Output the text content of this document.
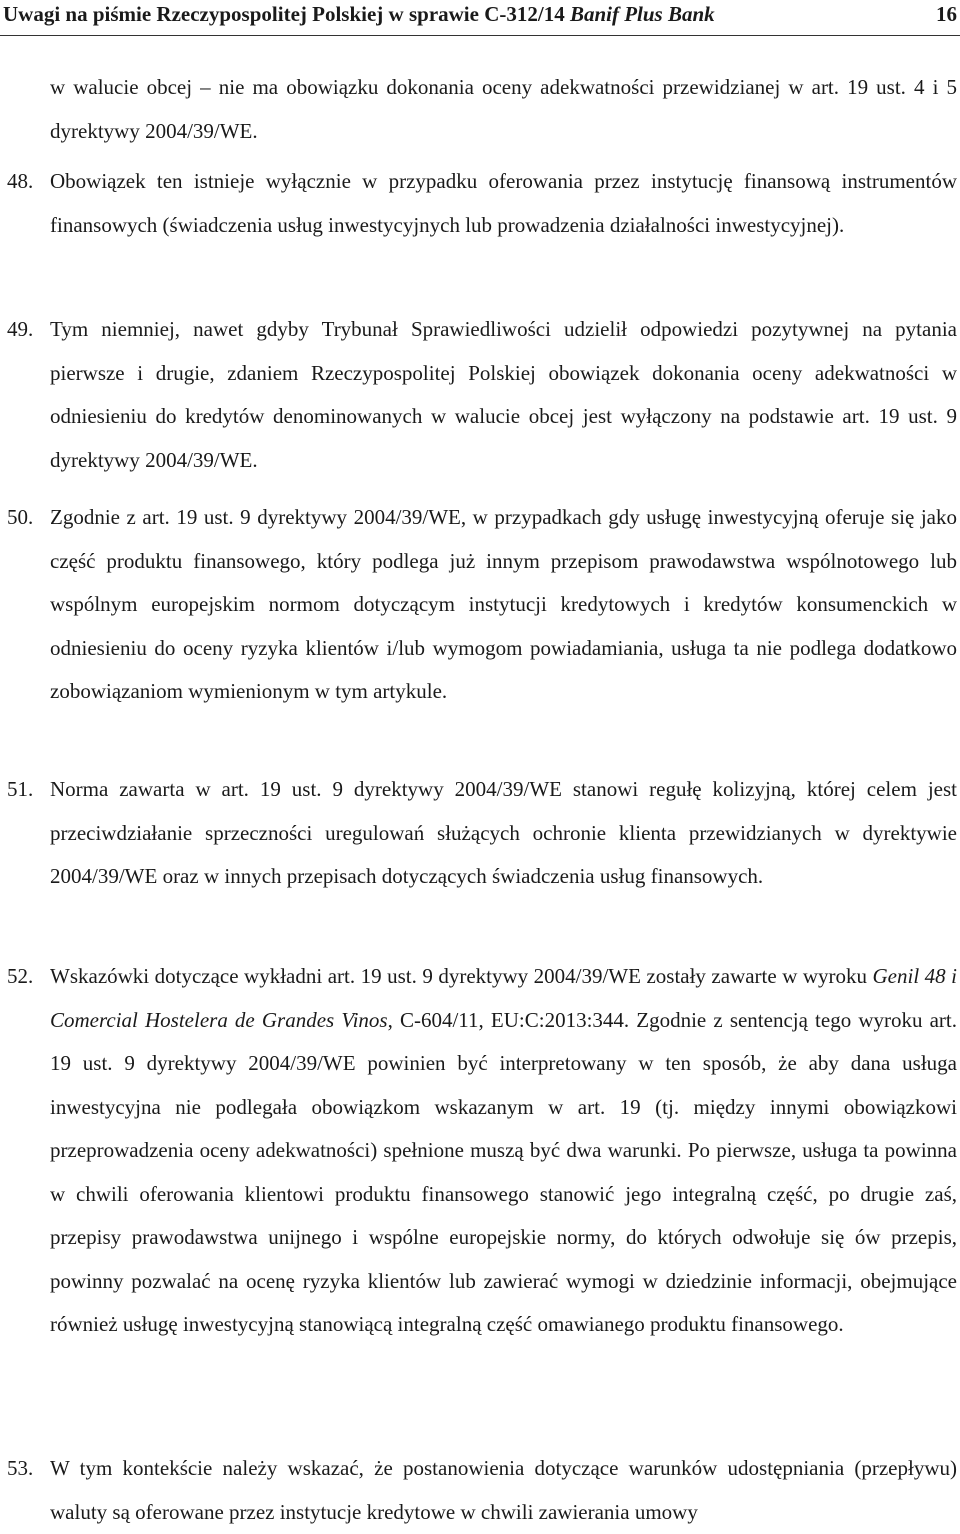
Uwagi na piśmie Rzeczypospolitej Polskiej w sprawie C-312/14 Banif Plus Bank	16

w walucie obcej – nie ma obowiązku dokonania oceny adekwatności przewidzianej w art. 19 ust. 4 i 5 dyrektywy 2004/39/WE.

48. Obowiązek ten istnieje wyłącznie w przypadku oferowania przez instytucję finansową instrumentów finansowych (świadczenia usług inwestycyjnych lub prowadzenia działalności inwestycyjnej).

49. Tym niemniej, nawet gdyby Trybunał Sprawiedliwości udzielił odpowiedzi pozytywnej na pytania pierwsze i drugie, zdaniem Rzeczypospolitej Polskiej obowiązek dokonania oceny adekwatności w odniesieniu do kredytów denominowanych w walucie obcej jest wyłączony na podstawie art. 19 ust. 9 dyrektywy 2004/39/WE.

50. Zgodnie z art. 19 ust. 9 dyrektywy 2004/39/WE, w przypadkach gdy usługę inwestycyjną oferuje się jako część produktu finansowego, który podlega już innym przepisom prawodawstwa wspólnotowego lub wspólnym europejskim normom dotyczącym instytucji kredytowych i kredytów konsumenckich w odniesieniu do oceny ryzyka klientów i/lub wymogom powiadamiania, usługa ta nie podlega dodatkowo zobowiązaniom wymienionym w tym artykule.

51. Norma zawarta w art. 19 ust. 9 dyrektywy 2004/39/WE stanowi regułę kolizyjną, której celem jest przeciwdziałanie sprzeczności uregulowań służących ochronie klienta przewidzianych w dyrektywie 2004/39/WE oraz w innych przepisach dotyczących świadczenia usług finansowych.

52. Wskazówki dotyczące wykładni art. 19 ust. 9 dyrektywy 2004/39/WE zostały zawarte w wyroku Genil 48 i Comercial Hostelera de Grandes Vinos, C-604/11, EU:C:2013:344. Zgodnie z sentencją tego wyroku art. 19 ust. 9 dyrektywy 2004/39/WE powinien być interpretowany w ten sposób, że aby dana usługa inwestycyjna nie podlegała obowiązkom wskazanym w art. 19 (tj. między innymi obowiązkowi przeprowadzenia oceny adekwatności) spełnione muszą być dwa warunki. Po pierwsze, usługa ta powinna w chwili oferowania klientowi produktu finansowego stanowić jego integralną część, po drugie zaś, przepisy prawodawstwa unijnego i wspólne europejskie normy, do których odwołuje się ów przepis, powinny pozwalać na ocenę ryzyka klientów lub zawierać wymogi w dziedzinie informacji, obejmujące również usługę inwestycyjną stanowiącą integralną część omawianego produktu finansowego.

53. W tym kontekście należy wskazać, że postanowienia dotyczące warunków udostępniania (przepływu) waluty są oferowane przez instytucje kredytowe w chwili zawierania umowy
